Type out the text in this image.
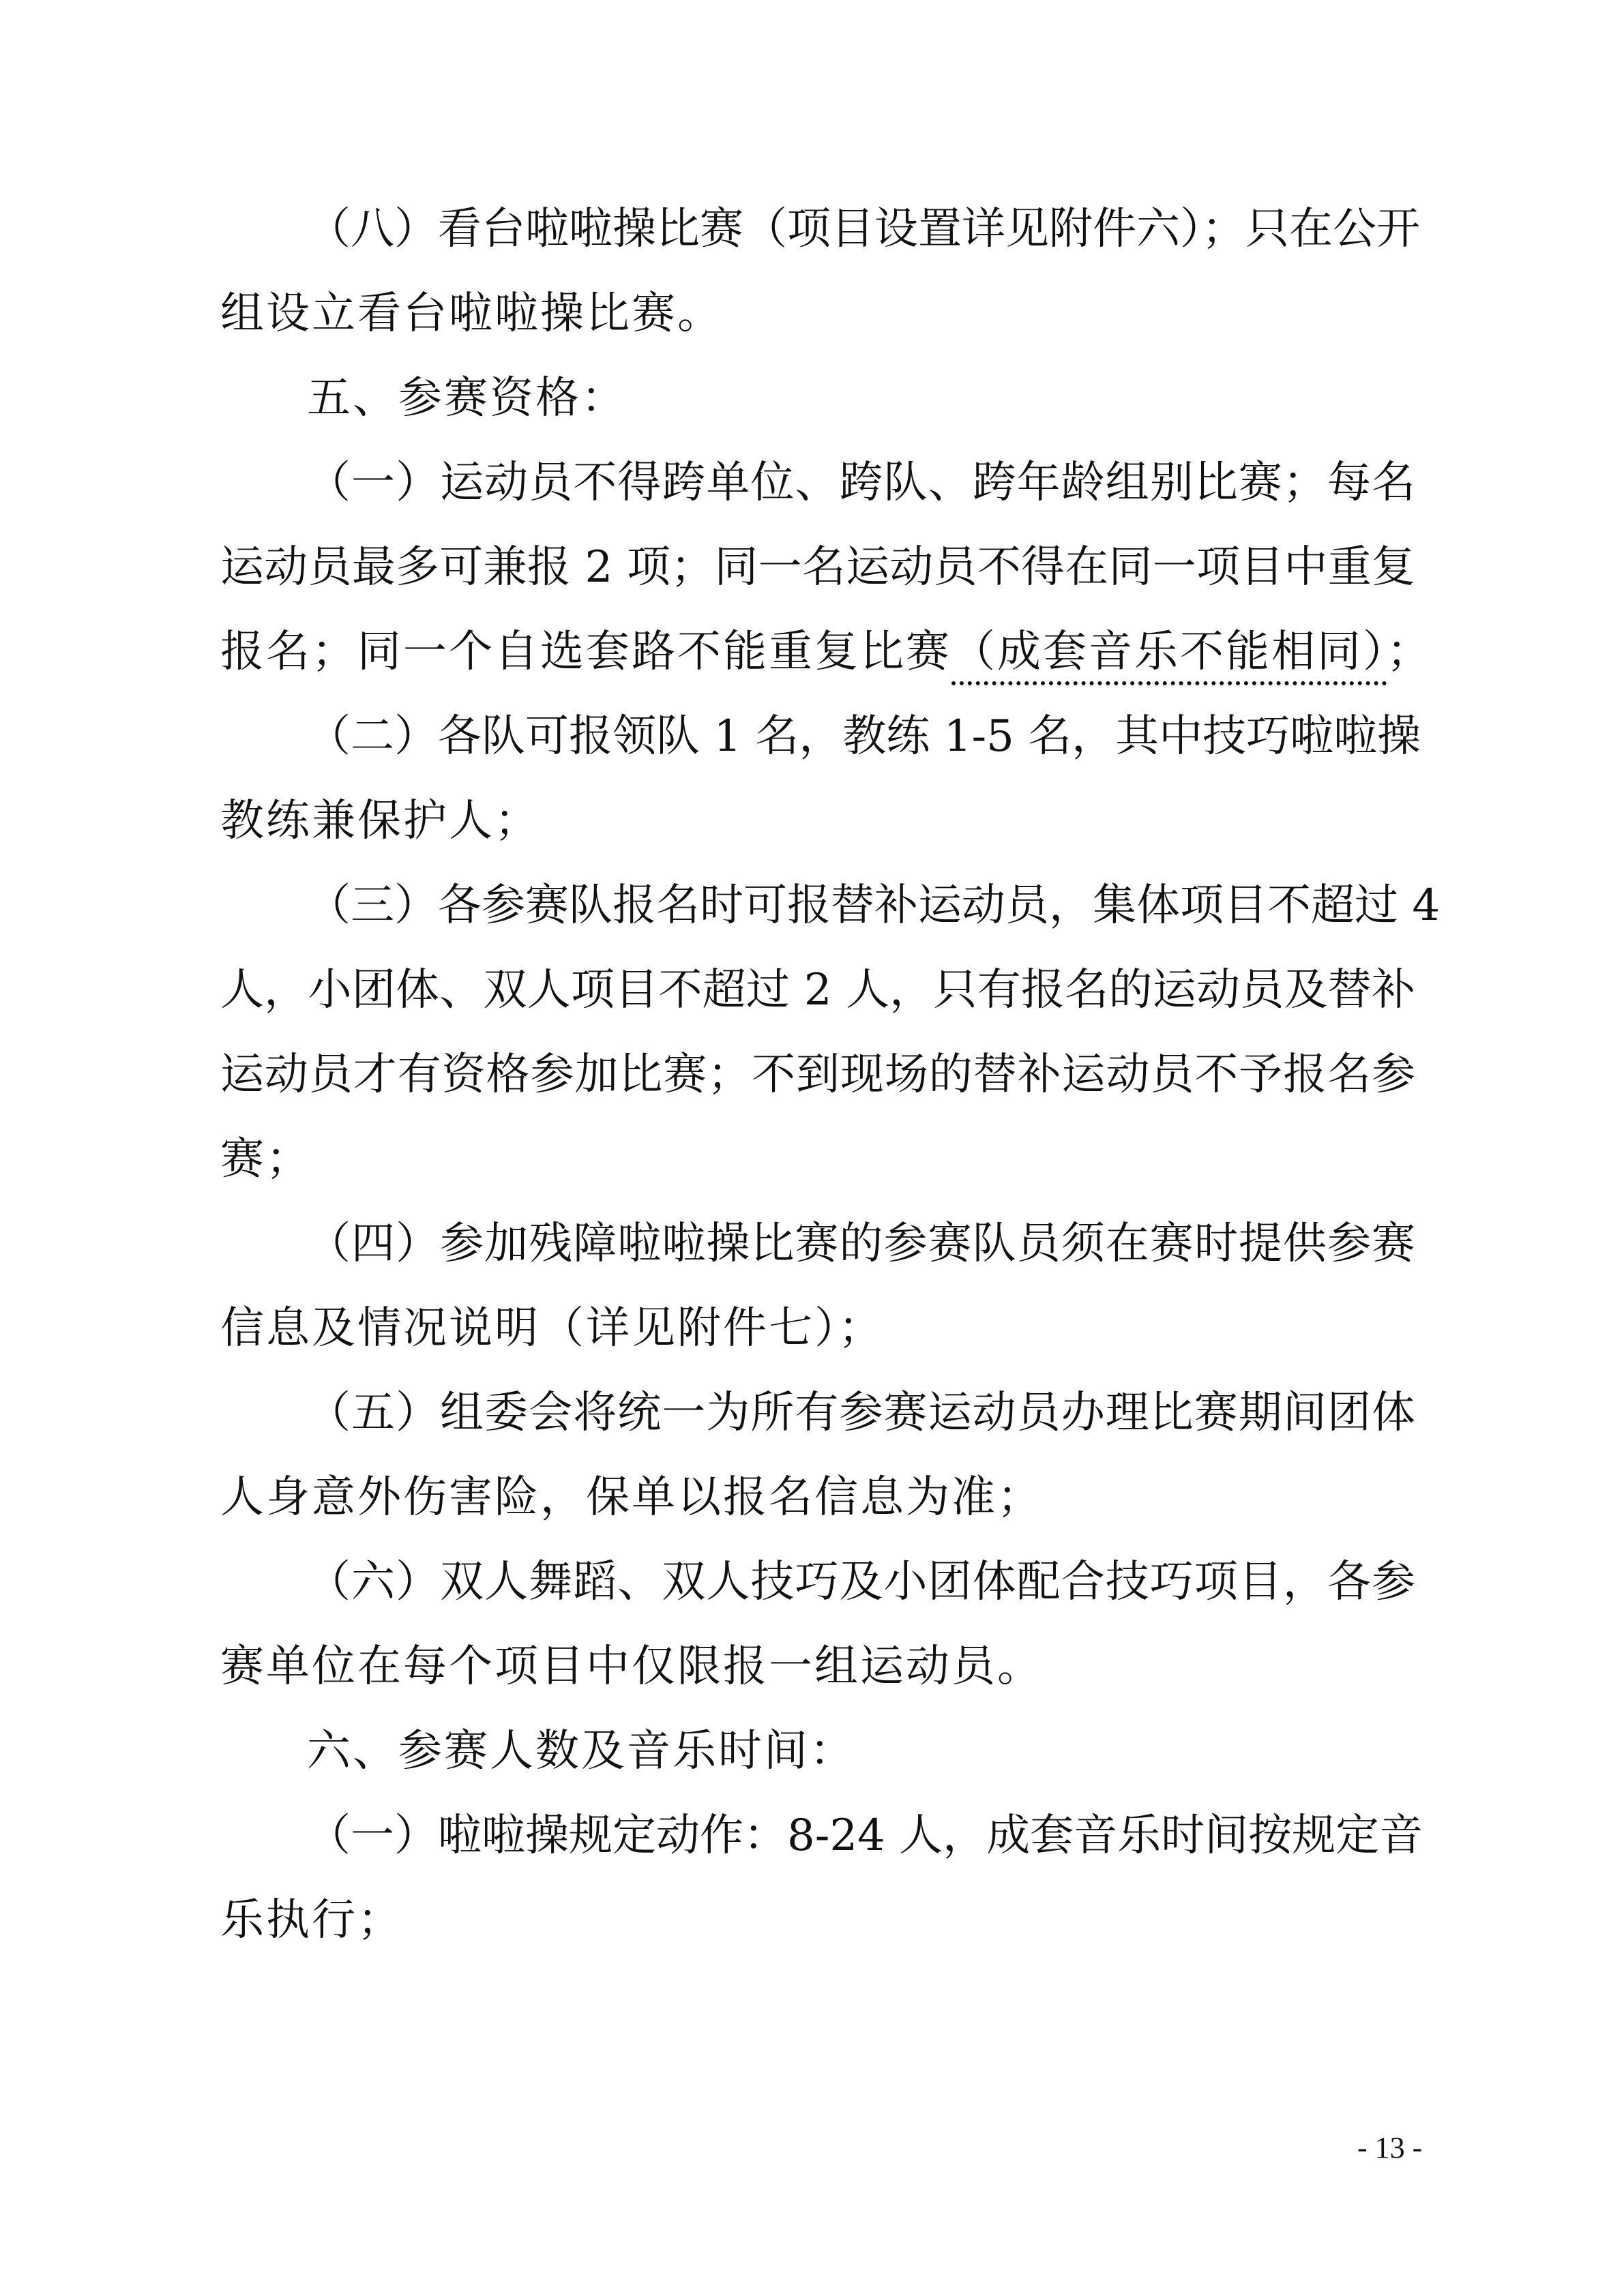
（八）看台啦啦操比赛（项目设置详见附件六）；只在公开
组设立看台啦啦操比赛。
五、参赛资格：
（一）运动员不得跨单位、跨队、跨年龄组别比赛；每名
运动员最多可兼报 2 项；同一名运动员不得在同一项目中重复
报名；同一个自选套路不能重复比赛（成套音乐不能相同）；
（二）各队可报领队 1 名，教练 1-5 名，其中技巧啦啦操
教练兼保护人；
（三）各参赛队报名时可报替补运动员，集体项目不超过 4
人，小团体、双人项目不超过 2 人，只有报名的运动员及替补
运动员才有资格参加比赛；不到现场的替补运动员不予报名参
赛；
（四）参加残障啦啦操比赛的参赛队员须在赛时提供参赛
信息及情况说明（详见附件七）；
（五）组委会将统一为所有参赛运动员办理比赛期间团体
人身意外伤害险，保单以报名信息为准；
（六）双人舞蹈、双人技巧及小团体配合技巧项目，各参
赛单位在每个项目中仅限报一组运动员。
六、参赛人数及音乐时间：
（一）啦啦操规定动作：8-24 人，成套音乐时间按规定音
乐执行；
- 13 -
